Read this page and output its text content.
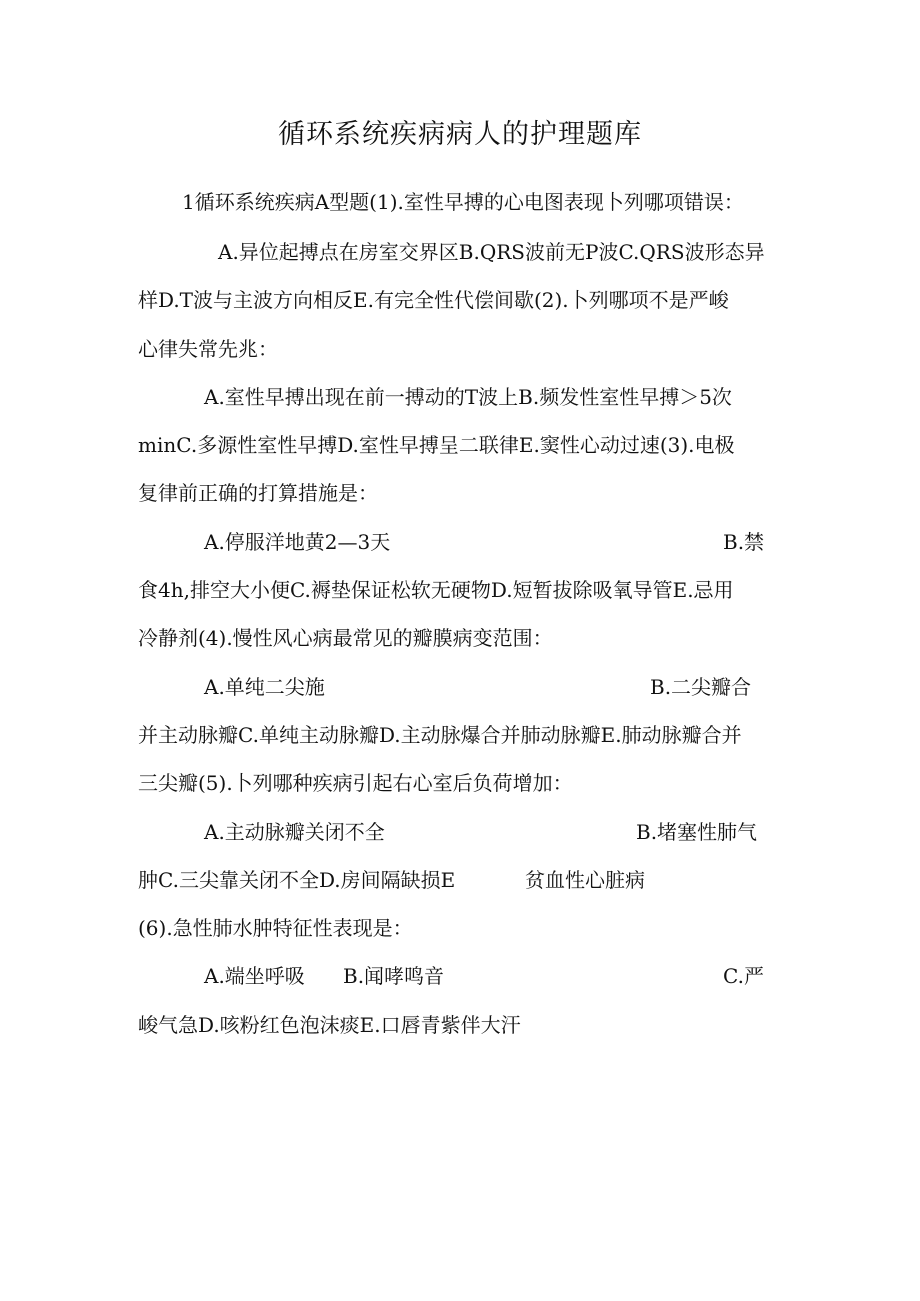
循环系统疾病病人的护理题库
1循环系统疾病A型题(1).室性早搏的心电图表现卜列哪项错误：
A.异位起搏点在房室交界区B.QRS波前无P波C.QRS波形态异
样D.T波与主波方向相反E.有完全性代偿间歇(2).卜列哪项不是严峻
心律失常先兆：
A.室性早搏出现在前一搏动的T波上B.频发性室性早搏＞5次
minC.多源性室性早搏D.室性早搏呈二联律E.窦性心动过速(3).电极
复律前正确的打算措施是：
A.停服洋地黄2—3天	B.禁
食4h,排空大小便C.褥垫保证松软无硬物D.短暂拔除吸氧导管E.忌用
冷静剂(4).慢性风心病最常见的瓣膜病变范围：
A.单纯二尖施	B.二尖瓣合
并主动脉瓣C.单纯主动脉瓣D.主动脉爆合并肺动脉瓣E.肺动脉瓣合并
三尖瓣(5).卜列哪种疾病引起右心室后负荷增加：
A.主动脉瓣关闭不全	B.堵塞性肺气
肿C.三尖靠关闭不全D.房间隔缺损E	贫血性心脏病
(6).急性肺水肿特征性表现是：
A.端坐呼吸 B.闻哮鸣音	C.严
峻气急D.咳粉红色泡沫痰E.口唇青紫伴大汗
